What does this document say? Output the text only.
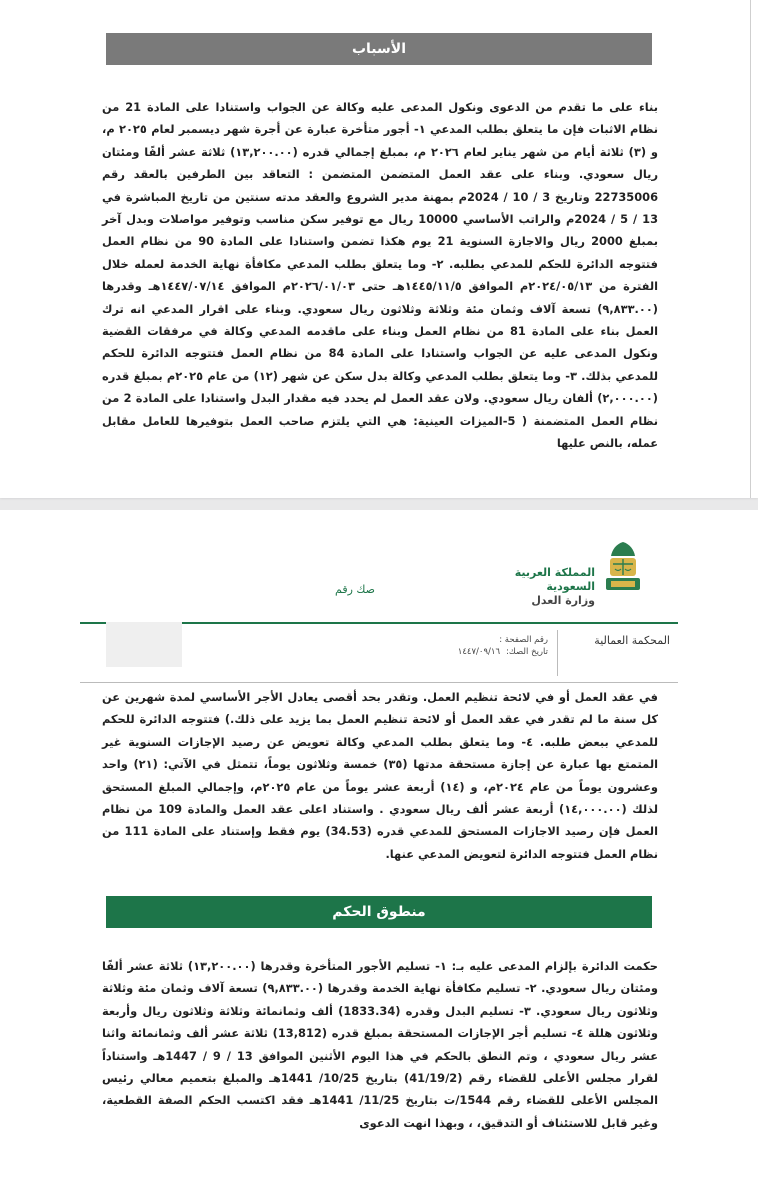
الأسباب
بناء على ما تقدم من الدعوى ونكول المدعى عليه وكالة عن الجواب واستنادا على المادة 21 من نظام الاثبات فإن ما يتعلق بطلب المدعي ١- أجور متأخرة عبارة عن أجرة شهر ديسمبر لعام ٢٠٢٥ م، و (٣) ثلاثة أيام من شهر يناير لعام ٢٠٢٦ م، بمبلغ إجمالي قدره (١٣,٢٠٠.٠٠) ثلاثة عشر ألفًا ومئتان ريال سعودي. وبناء على عقد العمل المتضمن المتضمن : التعاقد بين الطرفين بالعقد رقم 22735006 وتاريخ 3 / 10 / 2024م بمهنة مدير الشروع والعقد مدته سنتين من تاريخ المباشرة في 13 / 5 / 2024م والراتب الأساسي 10000 ريال مع توفير سكن مناسب وتوفير مواصلات وبدل آخر بمبلغ 2000 ريال والاجازة السنوية 21 يوم هكذا تضمن واستنادا على المادة 90 من نظام العمل فتتوجه الدائرة للحكم للمدعي بطلبه. ٢- وما يتعلق بطلب المدعي مكافأة نهاية الخدمة لعمله خلال الفترة من ٢٠٢٤/٠٥/١٣م الموافق ١٤٤٥/١١/٥هـ حتى ٢٠٢٦/٠١/٠٣م الموافق ١٤٤٧/٠٧/١٤هـ وقدرها (٩,٨٣٣.٠٠) تسعة آلاف وثمان مئة وثلاثة وثلاثون ريال سعودي. وبناء على اقرار المدعي انه ترك العمل بناء على المادة 81 من نظام العمل وبناء على ماقدمه المدعي وكالة في مرفقات القضية ونكول المدعى عليه عن الجواب واستنادا على المادة 84 من نظام العمل فتتوجه الدائرة للحكم للمدعي بذلك. ٣- وما يتعلق بطلب المدعي وكالة بدل سكن عن شهر (١٢) من عام ٢٠٢٥م بمبلغ قدره (٢,٠٠٠.٠٠) ألفان ريال سعودي. ولان عقد العمل لم يحدد فيه مقدار البدل واستنادا على المادة 2 من نظام العمل المتضمنة ( 5-الميزات العينية: هي التي يلتزم صاحب العمل بتوفيرها للعامل مقابل عمله، بالنص عليها
المملكة العربية السعودية
وزارة العدل
صك رقم
المحكمة العمالية
رقم الصفحة :
تاريخ الصك:
١٤٤٧/٠٩/١٦
في عقد العمل أو في لائحة تنظيم العمل. وتقدر بحد أقصى يعادل الأجر الأساسي لمدة شهرين عن كل سنة ما لم تقدر في عقد العمل أو لائحة تنظيم العمل بما يزيد على ذلك.) فتتوجه الدائرة للحكم للمدعي ببعض طلبه. ٤- وما يتعلق بطلب المدعي وكالة تعويض عن رصيد الإجازات السنوية غير المتمتع بها عبارة عن إجازة مستحقة مدتها (٣٥) خمسة وثلاثون يوماً، تتمثل في الآتي: (٢١) واحد وعشرون يوماً من عام ٢٠٢٤م، و (١٤) أربعة عشر يوماً من عام ٢٠٢٥م، وإجمالي المبلغ المستحق لذلك (١٤,٠٠٠.٠٠) أربعة عشر ألف ريال سعودي . واستناد اعلى عقد العمل والمادة 109 من نظام العمل فإن رصيد الاجازات المستحق للمدعي قدره (34.53) يوم فقط وإستناد على المادة 111 من نظام العمل فتتوجه الدائرة لتعويض المدعي عنها.
منطوق الحكم
حكمت الدائرة بإلزام المدعى عليه بـ: ١- تسليم الأجور المتأخرة وقدرها (١٣,٢٠٠.٠٠) ثلاثة عشر ألفًا ومئتان ريال سعودي. ٢- تسليم مكافأة نهاية الخدمة وقدرها (٩,٨٣٣.٠٠) تسعة آلاف وثمان مئة وثلاثة وثلاثون ريال سعودي. ٣- تسليم البدل وقدره (1833.34) ألف وثمانمائة وثلاثة وثلاثون ريال وأربعة وثلاثون هللة ٤- تسليم أجر الإجازات المستحقة بمبلغ قدره (13,812) ثلاثة عشر ألف وثمانمائة واثنا عشر ريال سعودي ، وتم النطق بالحكم في هذا اليوم الأثنين الموافق 13 / 9 / 1447هـ واستناداً لقرار مجلس الأعلى للقضاء رقم (41/19/2) بتاريخ 10/25/ 1441هـ والمبلغ بتعميم معالي رئيس المجلس الأعلى للقضاء رقم 1544/ت بتاريخ 11/25/ 1441هـ فقد اكتسب الحكم الصفة القطعية، وغير قابل للاستئناف أو التدقيق، ، وبهذا انهت الدعوى
